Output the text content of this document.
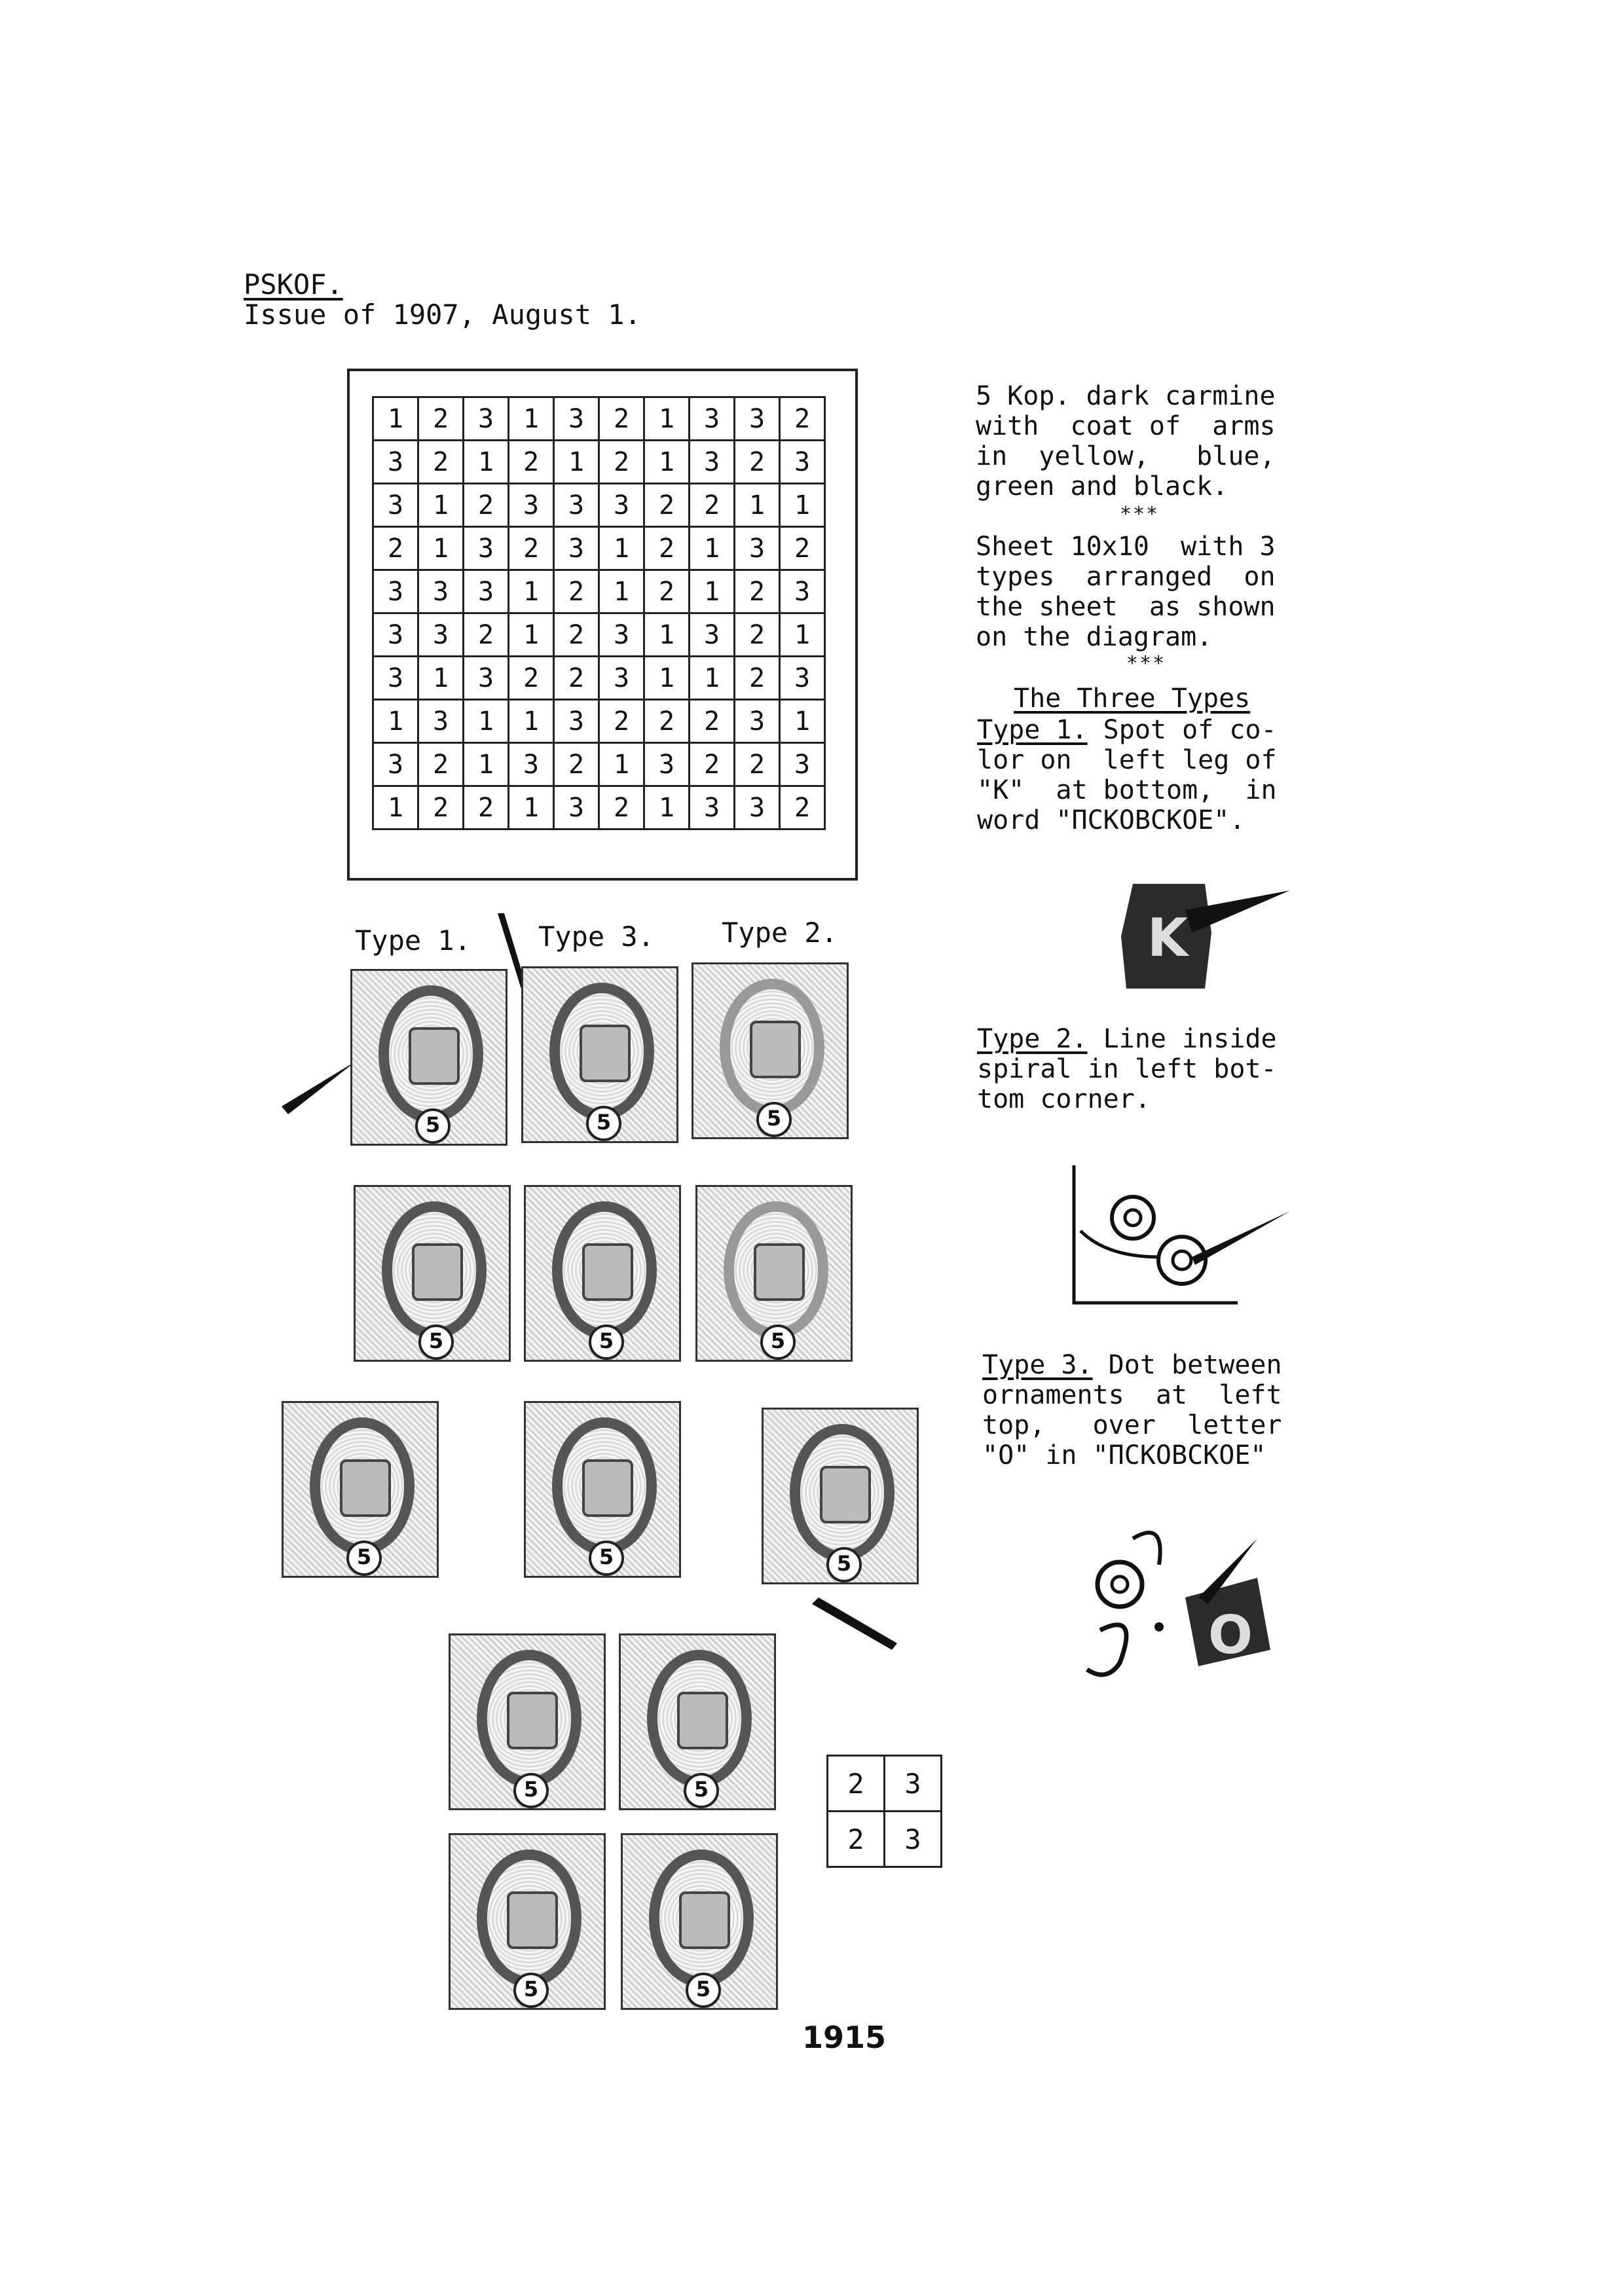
PSKOF.
Issue of 1907, August 1.
1	2	3	1	3	2	1	3	3	2
3	2	1	2	1	2	1	3	2	3
3	1	2	3	3	3	2	2	1	1
2	1	3	2	3	1	2	1	3	2
3	3	3	1	2	1	2	1	2	3
3	3	2	1	2	3	1	3	2	1
3	1	3	2	2	3	1	1	2	3
1	3	1	1	3	2	2	2	3	1
3	2	1	3	2	1	3	2	2	3
1	2	2	1	3	2	1	3	3	2
Type 1. Type 3. Type 2.
5	5	5
5	5	5
5	5	5
5	5
5	5
2	3
2	3
5 Kop. dark carmine
with  coat of  arms
in  yellow,   blue,
green and black.
***
Sheet 10x10  with 3
types  arranged  on
the sheet  as shown
on the diagram.
***
The Three Types
Type 1. Spot of co-
lor on  left leg of
"K"  at bottom,  in
word "ПСКОВСКОЕ".
K
Type 2. Line inside
spiral in left bot-
tom corner.
Type 3. Dot between
ornaments  at  left
top,   over  letter
"O" in "ПСКОВСКОЕ"
O
1915
